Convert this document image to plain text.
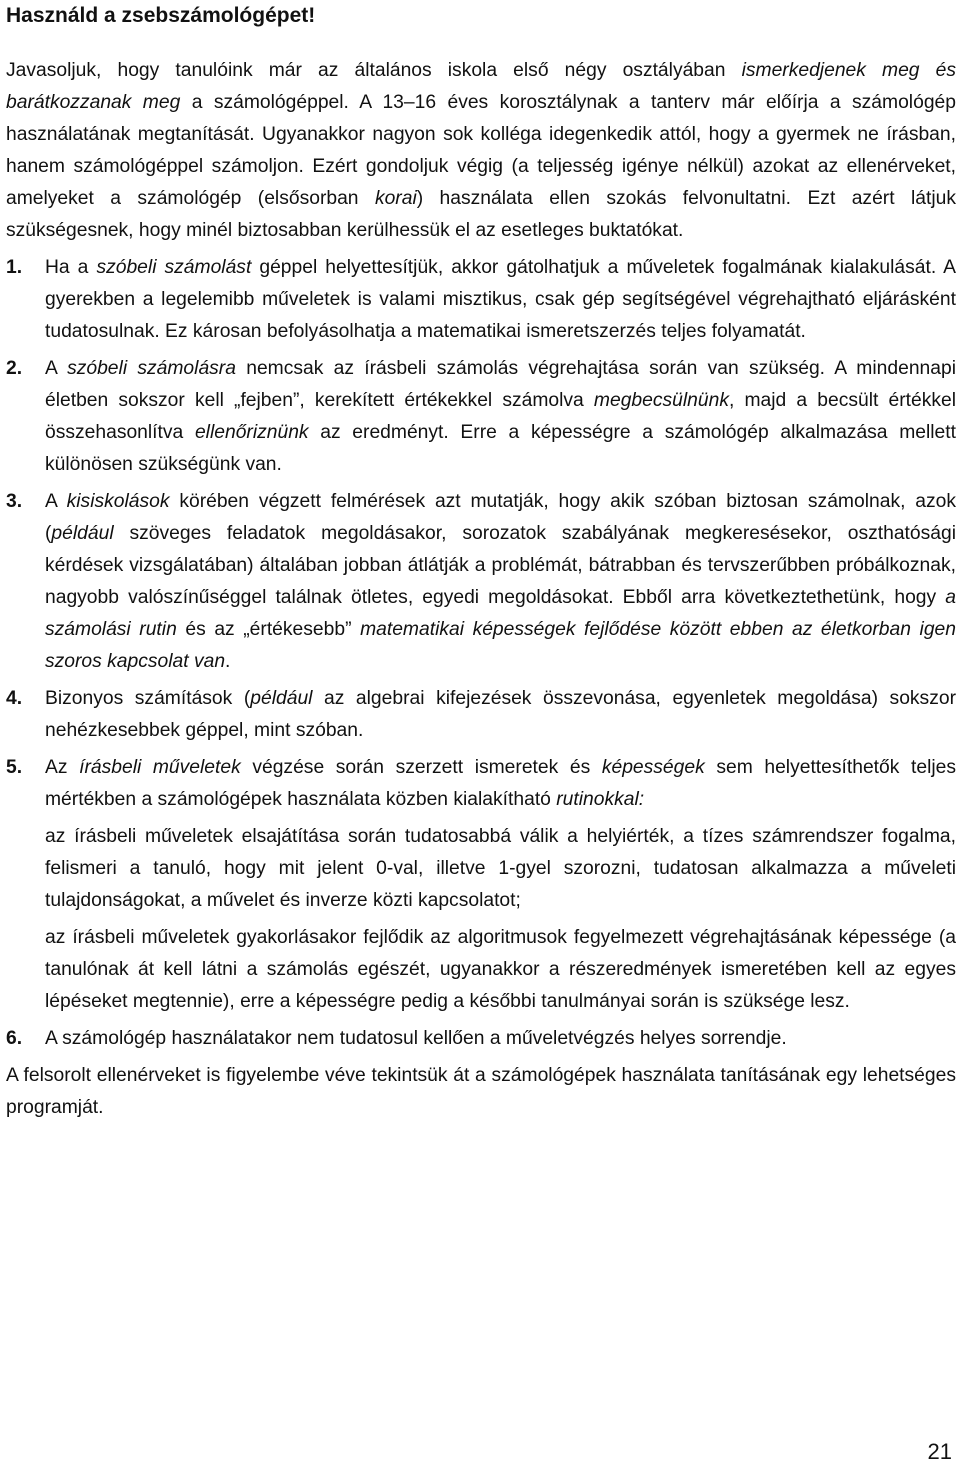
Használd a zsebszámológépet!

Javasoljuk, hogy tanulóink már az általános iskola első négy osztályában ismerkedjenek meg és barátkozzanak meg a számológéppel. A 13–16 éves korosztálynak a tanterv már előírja a számológép használatának megtanítását. Ugyanakkor nagyon sok kolléga idegenkedik attól, hogy a gyermek ne írásban, hanem számológéppel számoljon. Ezért gondoljuk végig (a teljesség igénye nélkül) azokat az ellenérveket, amelyeket a számológép (elsősorban korai) használata ellen szokás felvonultatni. Ezt azért látjuk szükségesnek, hogy minél biztosabban kerülhessük el az esetleges buktatókat.

1. Ha a szóbeli számolást géppel helyettesítjük, akkor gátolhatjuk a műveletek fogalmának kialakulását. A gyerekben a legelemibb műveletek is valami misztikus, csak gép segítségével végrehajtható eljárásként tudatosulnak. Ez károsan befolyásolhatja a matematikai ismeretszerzés teljes folyamatát.

2. A szóbeli számolásra nemcsak az írásbeli számolás végrehajtása során van szükség. A mindennapi életben sokszor kell „fejben”, kerekített értékekkel számolva megbecsülnünk, majd a becsült értékkel összehasonlítva ellenőriznünk az eredményt. Erre a képességre a számológép alkalmazása mellett különösen szükségünk van.

3. A kisiskolások körében végzett felmérések azt mutatják, hogy akik szóban biztosan számolnak, azok (például szöveges feladatok megoldásakor, sorozatok szabályának megkeresésekor, oszthatósági kérdések vizsgálatában) általában jobban átlátják a problémát, bátrabban és tervszerűbben próbálkoznak, nagyobb valószínűséggel találnak ötletes, egyedi megoldásokat. Ebből arra következtethetünk, hogy a számolási rutin és az „értékesebb” matematikai képességek fejlődése között ebben az életkorban igen szoros kapcsolat van.

4. Bizonyos számítások (például az algebrai kifejezések összevonása, egyenletek megoldása) sokszor nehézkesebbek géppel, mint szóban.

5. Az írásbeli műveletek végzése során szerzett ismeretek és képességek sem helyettesíthetők teljes mértékben a számológépek használata közben kialakítható rutinokkal:

az írásbeli műveletek elsajátítása során tudatosabbá válik a helyiérték, a tízes számrendszer fogalma, felismeri a tanuló, hogy mit jelent 0-val, illetve 1-gyel szorozni, tudatosan alkalmazza a műveleti tulajdonságokat, a művelet és inverze közti kapcsolatot;

az írásbeli műveletek gyakorlásakor fejlődik az algoritmusok fegyelmezett végrehajtásának képessége (a tanulónak át kell látni a számolás egészét, ugyanakkor a részeredmények ismeretében kell az egyes lépéseket megtennie), erre a képességre pedig a későbbi tanulmányai során is szüksége lesz.

6. A számológép használatakor nem tudatosul kellően a műveletvégzés helyes sorrendje.

A felsorolt ellenérveket is figyelembe véve tekintsük át a számológépek használata tanításának egy lehetséges programját.

21
